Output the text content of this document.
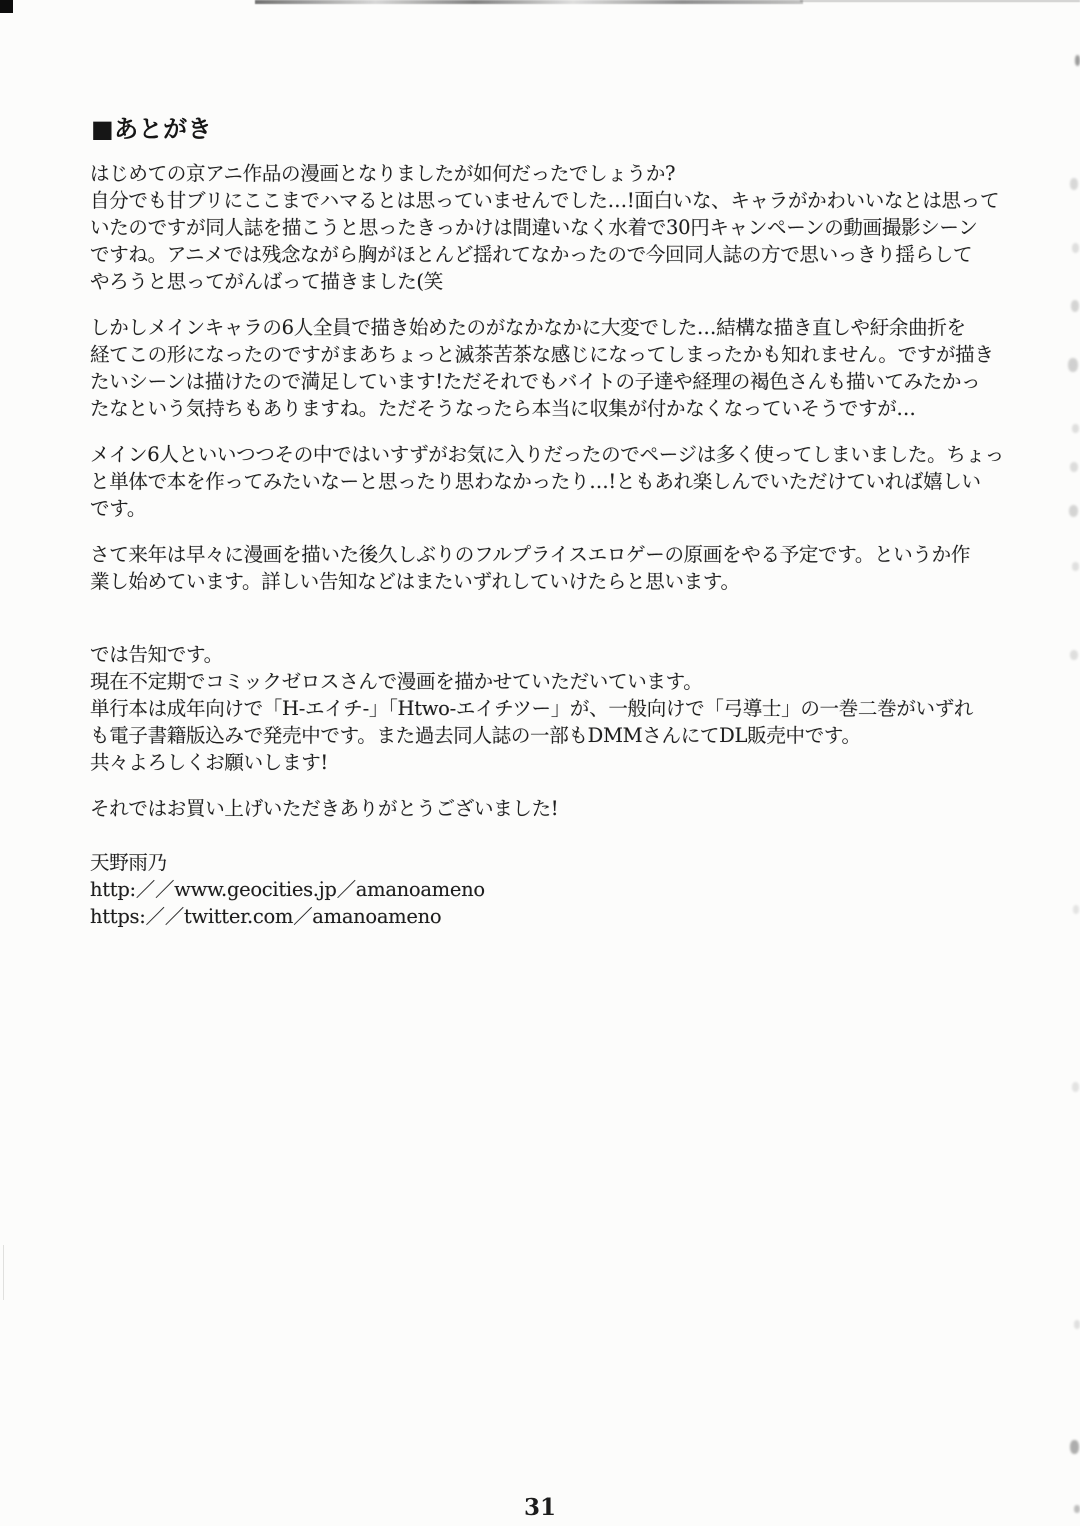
■あとがき
はじめての京アニ作品の漫画となりましたが如何だったでしょうか?
自分でも甘ブリにここまでハマるとは思っていませんでした…!面白いな、キャラがかわいいなとは思って
いたのですが同人誌を描こうと思ったきっかけは間違いなく水着で30円キャンペーンの動画撮影シーン
ですね。アニメでは残念ながら胸がほとんど揺れてなかったので今回同人誌の方で思いっきり揺らして
やろうと思ってがんばって描きました(笑
しかしメインキャラの6人全員で描き始めたのがなかなかに大変でした…結構な描き直しや紆余曲折を
経てこの形になったのですがまあちょっと滅茶苦茶な感じになってしまったかも知れません。ですが描き
たいシーンは描けたので満足しています!ただそれでもバイトの子達や経理の褐色さんも描いてみたかっ
たなという気持ちもありますね。ただそうなったら本当に収集が付かなくなっていそうですが…
メイン6人といいつつその中ではいすずがお気に入りだったのでページは多く使ってしまいました。ちょっ
と単体で本を作ってみたいなーと思ったり思わなかったり…!ともあれ楽しんでいただけていれば嬉しい
です。
さて来年は早々に漫画を描いた後久しぶりのフルプライスエロゲーの原画をやる予定です。というか作
業し始めています。詳しい告知などはまたいずれしていけたらと思います。
では告知です。
現在不定期でコミックゼロスさんで漫画を描かせていただいています。
単行本は成年向けで「H-エイチ-」「Htwo-エイチツー」が、一般向けで「弓導士」の一巻二巻がいずれ
も電子書籍版込みで発売中です。また過去同人誌の一部もDMMさんにてDL販売中です。
共々よろしくお願いします!
それではお買い上げいただきありがとうございました!
天野雨乃
http:／／www.geocities.jp／amanoameno
https:／／twitter.com／amanoameno
31
